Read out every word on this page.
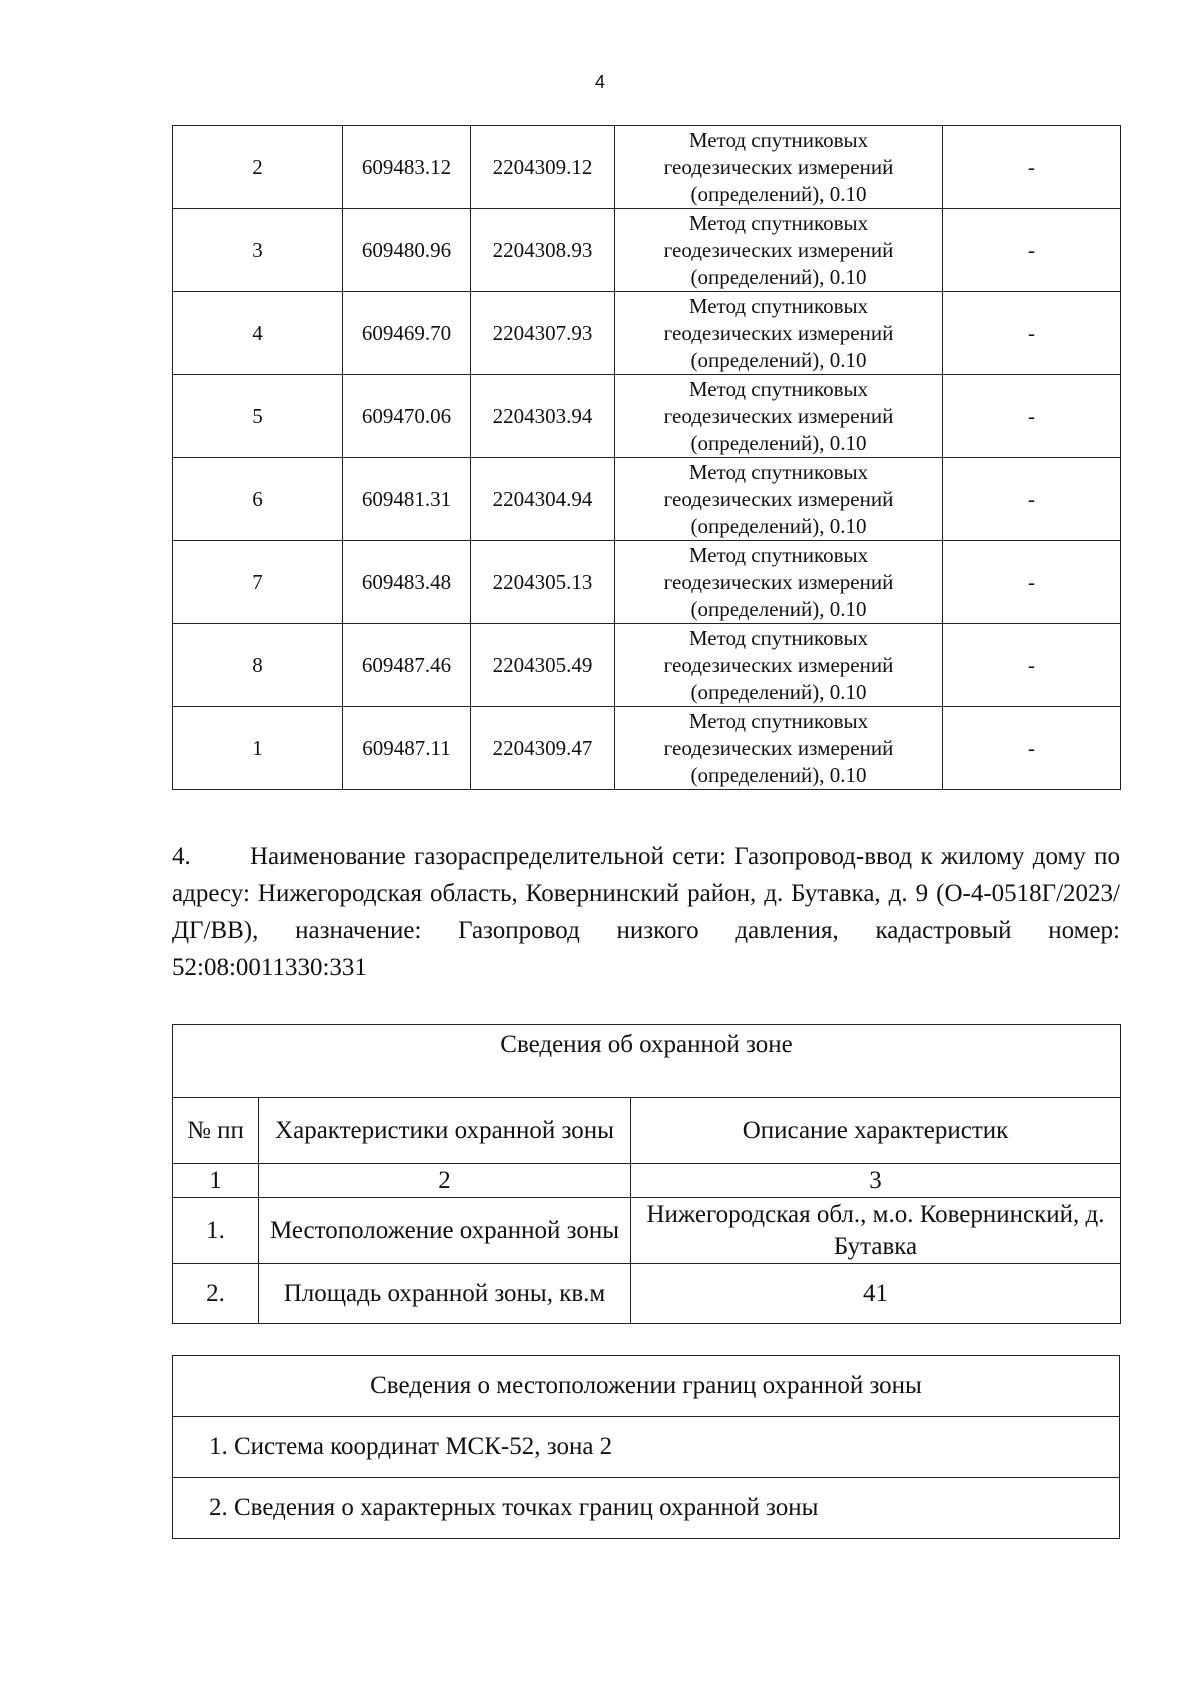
4
2	609483.12	2204309.12	Метод спутниковых
геодезических измерений
(определений), 0.10	-
3	609480.96	2204308.93	Метод спутниковых
геодезических измерений
(определений), 0.10	-
4	609469.70	2204307.93	Метод спутниковых
геодезических измерений
(определений), 0.10	-
5	609470.06	2204303.94	Метод спутниковых
геодезических измерений
(определений), 0.10	-
6	609481.31	2204304.94	Метод спутниковых
геодезических измерений
(определений), 0.10	-
7	609483.48	2204305.13	Метод спутниковых
геодезических измерений
(определений), 0.10	-
8	609487.46	2204305.49	Метод спутниковых
геодезических измерений
(определений), 0.10	-
1	609487.11	2204309.47	Метод спутниковых
геодезических измерений
(определений), 0.10	-
4. Наименование газораспределительной сети: Газопровод-ввод к жилому дому по адресу: Нижегородская область, Ковернинский район, д. Бутавка, д. 9 (О-4-0518Г/2023/ДГ/ВВ), назначение: Газопровод низкого давления, кадастровый номер: 52:08:0011330:331
Сведения об охранной зоне		
№ пп	Характеристики охранной зоны	Описание характеристик
1	2	3
1.	Местоположение охранной зоны	Нижегородская обл., м.о. Ковернинский, д. Бутавка
2.	Площадь охранной зоны, кв.м	41
Сведения о местоположении границ охранной зоны
1. Система координат МСК-52, зона 2
2. Сведения о характерных точках границ охранной зоны
